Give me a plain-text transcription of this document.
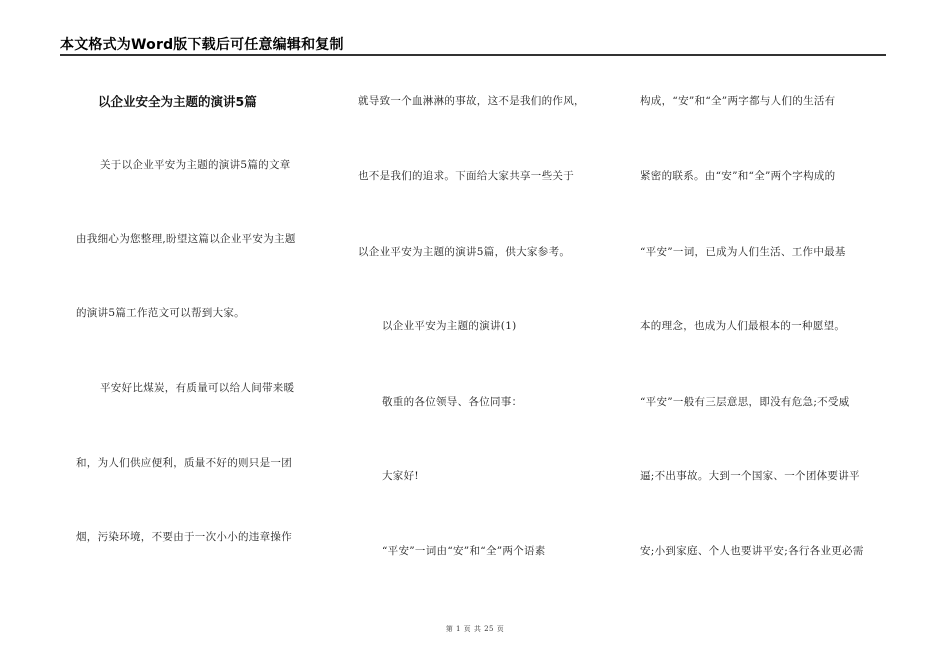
本文格式为Word版下载后可任意编辑和复制
以企业安全为主题的演讲5篇
关于以企业平安为主题的演讲5篇的文章
由我细心为您整理,盼望这篇以企业平安为主题
的演讲5篇工作范文可以帮到大家。
平安好比煤炭，有质量可以给人间带来暖
和，为人们供应便利，质量不好的则只是一团
烟，污染环境，不要由于一次小小的违章操作
就导致一个血淋淋的事故，这不是我们的作风，
也不是我们的追求。下面给大家共享一些关于
以企业平安为主题的演讲5篇，供大家参考。
以企业平安为主题的演讲(1)
敬重的各位领导、各位同事：
大家好!
“平安”一词由“安”和“全”两个语素
构成，“安”和“全”两字都与人们的生活有
紧密的联系。由“安”和“全”两个字构成的
“平安”一词，已成为人们生活、工作中最基
本的理念，也成为人们最根本的一种愿望。
“平安”一般有三层意思，即没有危急;不受威
逼;不出事故。大到一个国家、一个团体要讲平
安;小到家庭、个人也要讲平安;各行各业更必需
第 1 页 共 25 页
